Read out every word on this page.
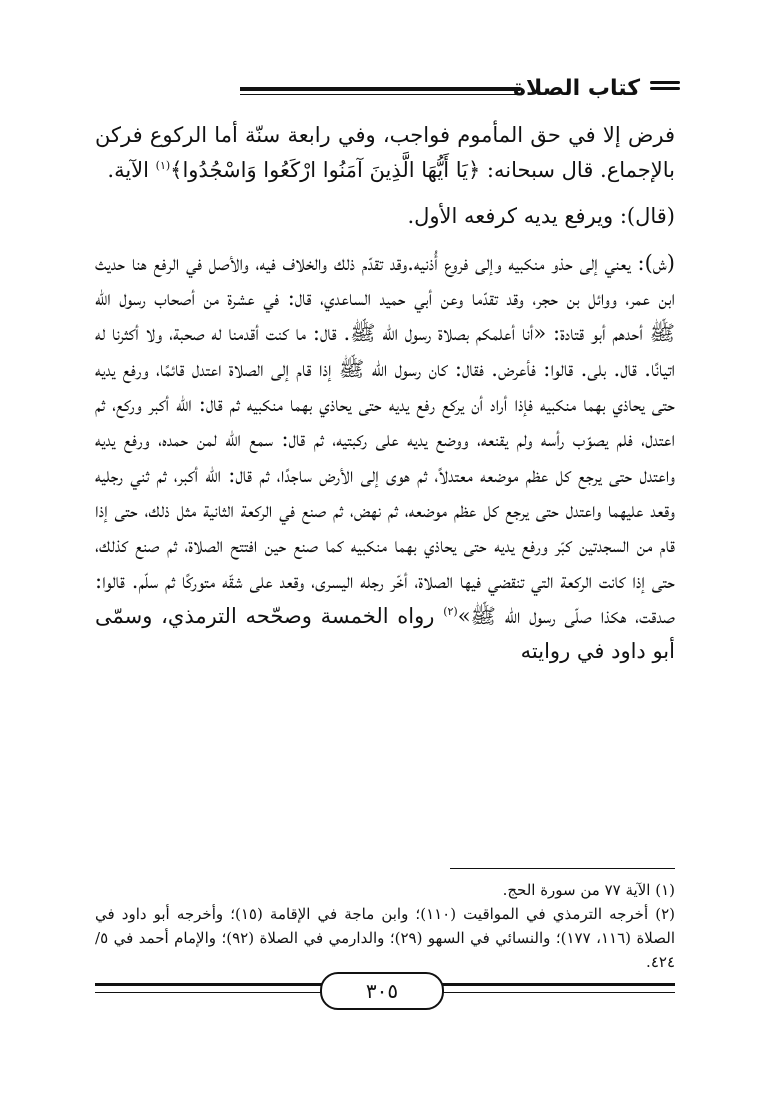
كتاب الصلاة

فرض إلا في حق المأموم فواجب، وفي رابعة سنّة أما الركوع فركن بالإجماع. قال سبحانه: ﴿يَا أَيُّهَا الَّذِينَ آمَنُوا ارْكَعُوا وَاسْجُدُوا﴾$^{(١)}$ الآية.

(قال): ويرفع يديه كرفعه الأول.

(ش): يعني إلى حذو منكبيه وإلى فروع أُذنيه.وقد تقدّم ذلك والخلاف فيه، والأصل في الرفع هنا حديث ابن عمر، ووائل بن حجر، وقد تقدّما وعن أبي حميد الساعدي، قال: في عشرة من أصحاب رسول الله ﷺ أحدهم أبو قتادة: «أنا أعلمكم بصلاة رسول الله ﷺ. قال: ما كنت أقدمنا له صحبة، ولا أكثرنا له اتيانًا. قال. بلى. قالوا: فأعرض. فقال: كان رسول الله ﷺ إذا قام إلى الصلاة اعتدل قائمًا، ورفع يديه حتى يحاذي بهما منكبيه فإذا أراد أن يركع رفع يديه حتى يحاذي بهما منكبيه ثم قال: الله أكبر وركع، ثم اعتدل، فلم يصوّب رأسه ولم يقنعه، ووضع يديه على ركبتيه، ثم قال: سمع الله لمن حمده، ورفع يديه واعتدل حتى يرجع كل عظم موضعه معتدلاً، ثم هوى إلى الأرض ساجدًا، ثم قال: الله أكبر، ثم ثني رجليه وقعد عليهما واعتدل حتى يرجع كل عظم موضعه، ثم نهض، ثم صنع في الركعة الثانية مثل ذلك، حتى إذا قام من السجدتين كبّر ورفع يديه حتى يحاذي بهما منكبيه كما صنع حين افتتح الصلاة، ثم صنع كذلك، حتى إذا كانت الركعة التي تنقضي فيها الصلاة، أخّر رجله اليسرى، وقعد على شقّه متوركًا ثم سلّم. قالوا: صدقت، هكذا صلّى رسول الله ﷺ»$^{(٢)}$ رواه الخمسة وصحّحه الترمذي، وسمّى أبو داود في روايته

(١) الآية ٧٧ من سورة الحج.

(٢) أخرجه الترمذي في المواقيت (١١٠)؛ وابن ماجة في الإقامة (١٥)؛ وأخرجه أبو داود في الصلاة (١١٦، ١٧٧)؛ والنسائي في السهو (٢٩)؛ والدارمي في الصلاة (٩٢)؛ والإمام أحمد في ٥/ ٤٢٤.

٣٠٥
